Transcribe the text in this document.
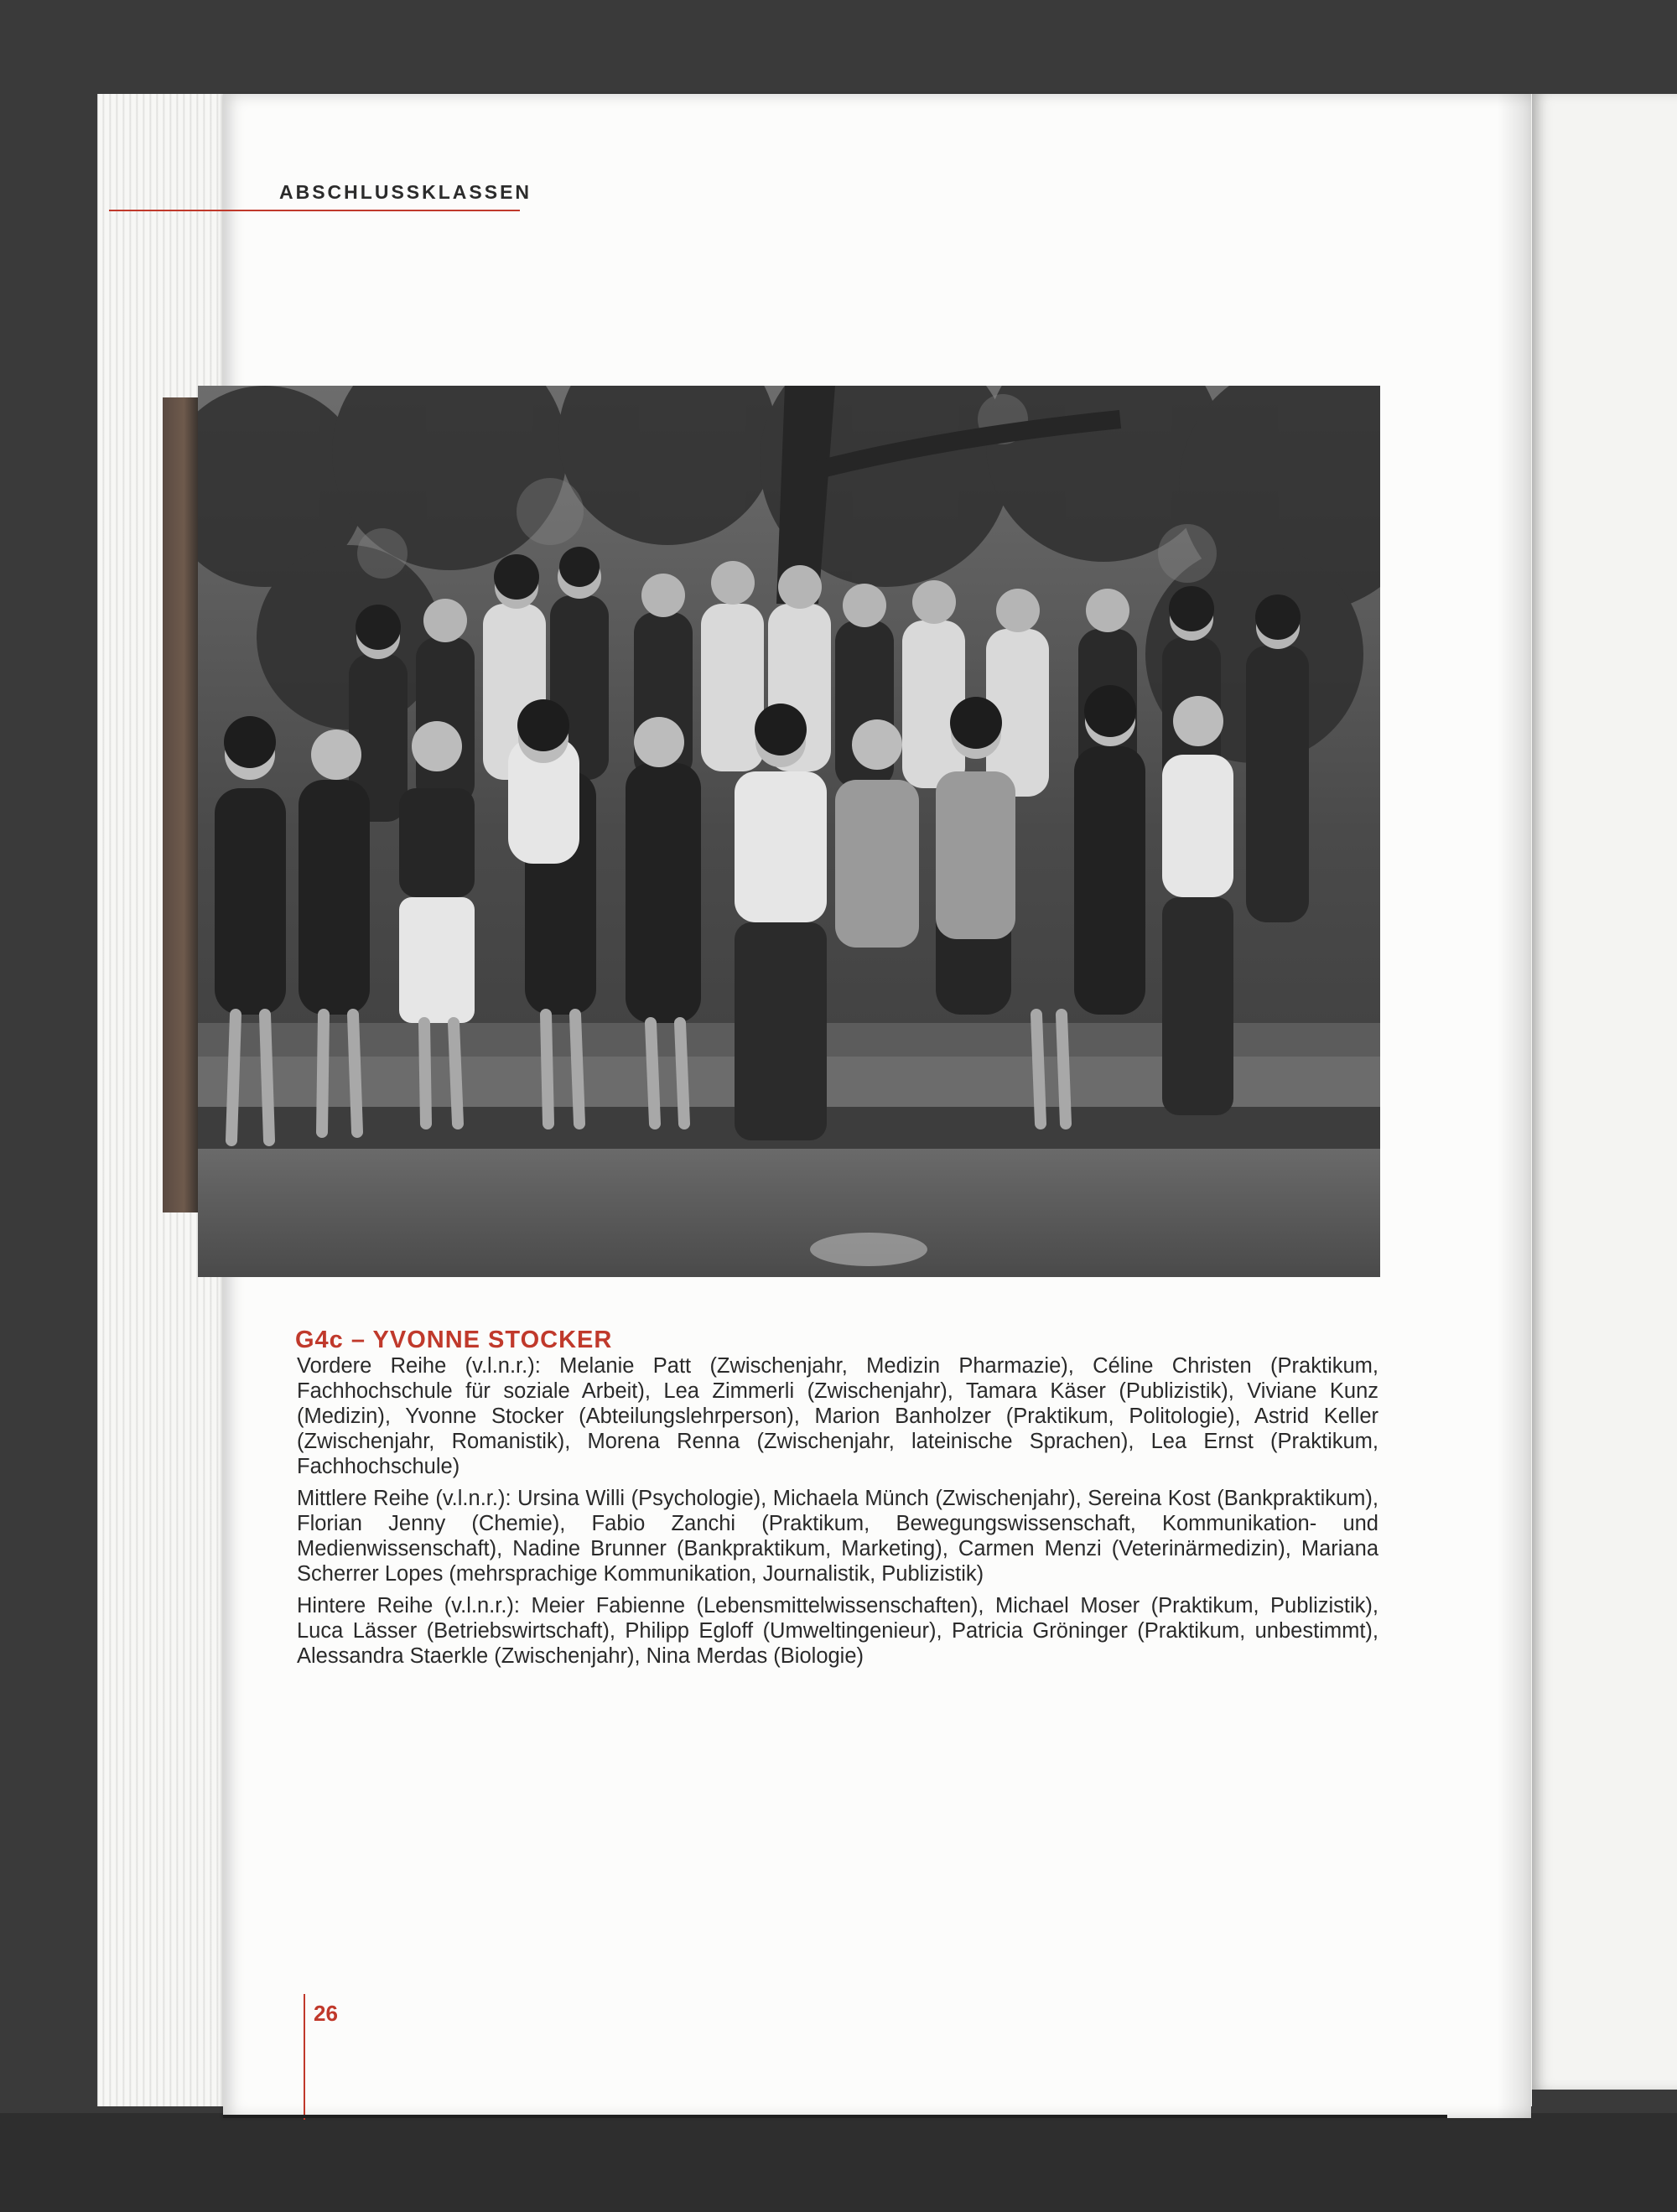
ABSCHLUSSKLASSEN
G4c – YVONNE STOCKER

Vordere Reihe (v.l.n.r.): Melanie Patt (Zwischenjahr, Medizin Pharmazie), Céline Christen (Praktikum, Fachhochschule für soziale Arbeit), Lea Zimmerli (Zwischenjahr), Tamara Käser (Publizistik), Viviane Kunz (Medizin), Yvonne Stocker (Abteilungslehrperson), Marion Banholzer (Praktikum, Politologie), Astrid Keller (Zwischenjahr, Romanistik), Morena Renna (Zwischenjahr, lateinische Sprachen), Lea Ernst (Praktikum, Fachhochschule)

Mittlere Reihe (v.l.n.r.): Ursina Willi (Psychologie), Michaela Münch (Zwischenjahr), Sereina Kost (Bankpraktikum), Florian Jenny (Chemie), Fabio Zanchi (Praktikum, Bewegungswissenschaft, Kommunikation- und Medienwissenschaft), Nadine Brunner (Bankpraktikum, Marketing), Carmen Menzi (Veterinärmedizin), Mariana Scherrer Lopes (mehrsprachige Kommunikation, Journalistik, Publizistik)

Hintere Reihe (v.l.n.r.): Meier Fabienne (Lebensmittelwissenschaften), Michael Moser (Praktikum, Publizistik), Luca Lässer (Betriebswirtschaft), Philipp Egloff (Umweltingenieur), Patricia Gröninger (Praktikum, unbestimmt), Alessandra Staerkle (Zwischenjahr), Nina Merdas (Biologie)

26
